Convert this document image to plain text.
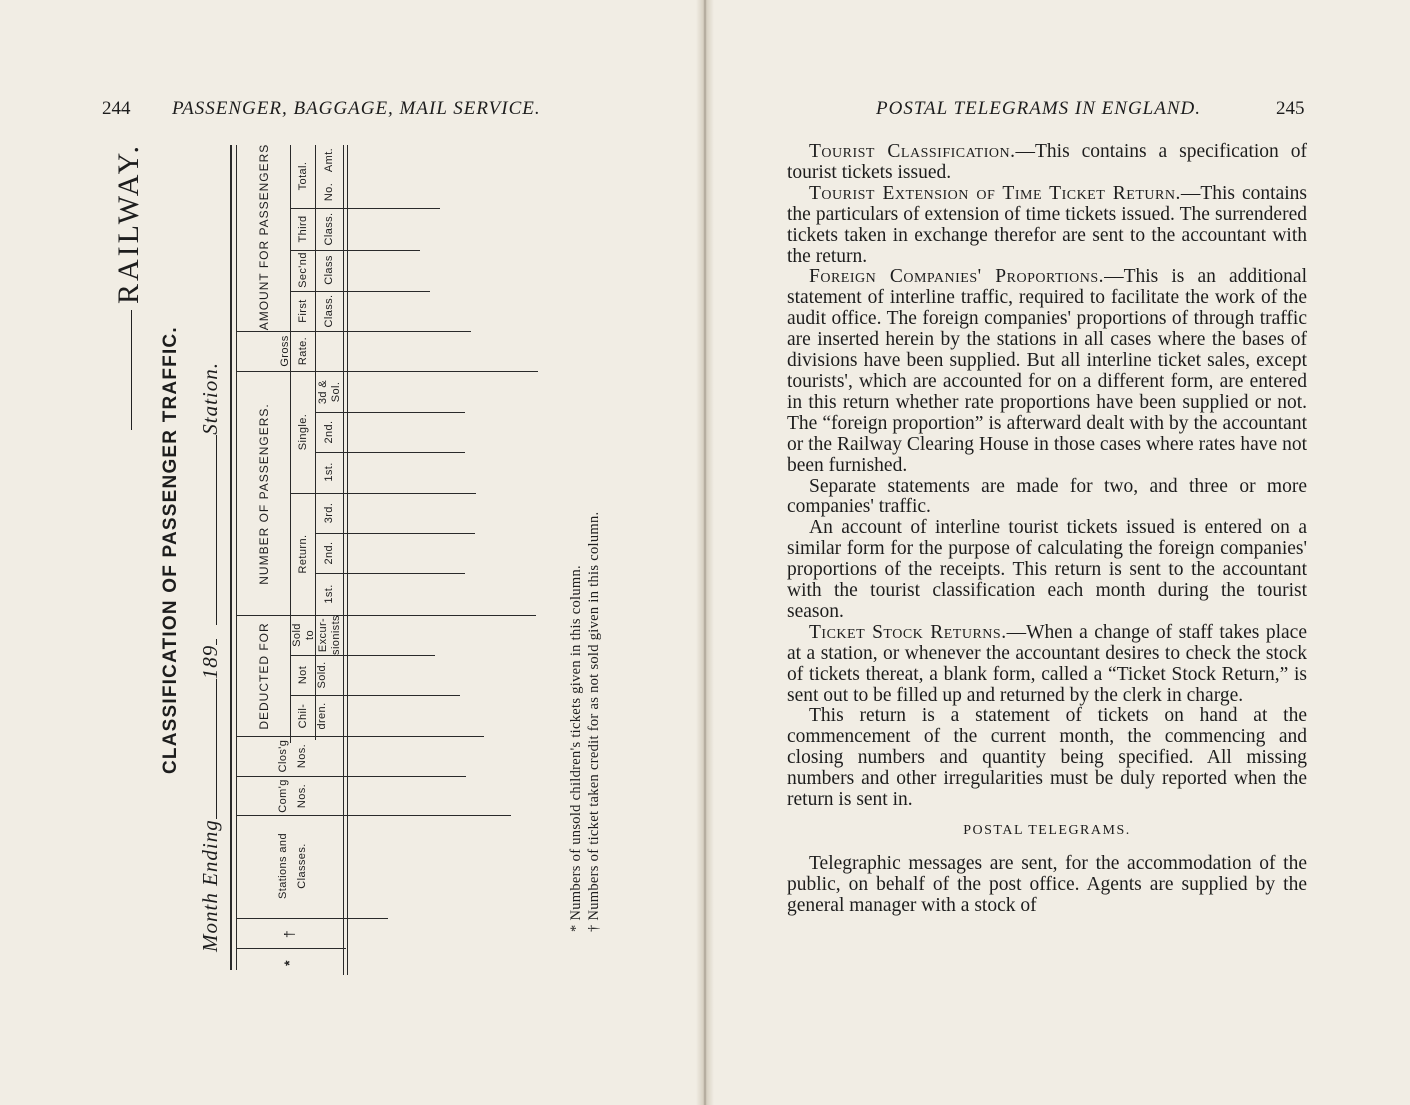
244 PASSENGER, BAGGAGE, MAIL SERVICE.
RAILWAY.
CLASSIFICATION OF PASSENGER TRAFFIC.
Month Ending189Station.
AMOUNT FOR PASSENGERS
NUMBER OF PASSENGERS.
DEDUCTED FOR
Total.
No.
Amt.
Third Class.
Sec'nd Class
First Class.
Gross Rate.
Single.
3d & Sol.
2nd.
1st.
Return.
3rd.
2nd.
1st.
Sold to Excur- sionists
Not Sold.
Chil- dren.
Clos'g Nos.
Com'g Nos.
Stations and Classes.
†
*
* Numbers of unsold children's tickets given in this column. † Numbers of ticket taken credit for as not sold given in this column.
POSTAL TELEGRAMS IN ENGLAND.	245

Tourist Classification.—This contains a specification of tourist tickets issued.

Tourist Extension of Time Ticket Return.—This contains the particulars of extension of time tickets issued. The surrendered tickets taken in exchange therefor are sent to the accountant with the return.

Foreign Companies' Proportions.—This is an additional statement of interline traffic, required to facilitate the work of the audit office. The foreign companies' proportions of through traffic are inserted herein by the stations in all cases where the bases of divisions have been supplied. But all interline ticket sales, except tourists', which are accounted for on a different form, are entered in this return whether rate proportions have been supplied or not. The “foreign proportion” is afterward dealt with by the accountant or the Railway Clearing House in those cases where rates have not been furnished.

Separate statements are made for two, and three or more companies' traffic.

An account of interline tourist tickets issued is entered on a similar form for the purpose of calculating the foreign companies' proportions of the receipts. This return is sent to the accountant with the tourist classification each month during the tourist season.

Ticket Stock Returns.—When a change of staff takes place at a station, or whenever the accountant desires to check the stock of tickets thereat, a blank form, called a “Ticket Stock Return,” is sent out to be filled up and returned by the clerk in charge.

This return is a statement of tickets on hand at the commencement of the current month, the commencing and closing numbers and quantity being specified. All missing numbers and other irregularities must be duly reported when the return is sent in.

POSTAL TELEGRAMS.

Telegraphic messages are sent, for the accommodation of the public, on behalf of the post office. Agents are supplied by the general manager with a stock of
